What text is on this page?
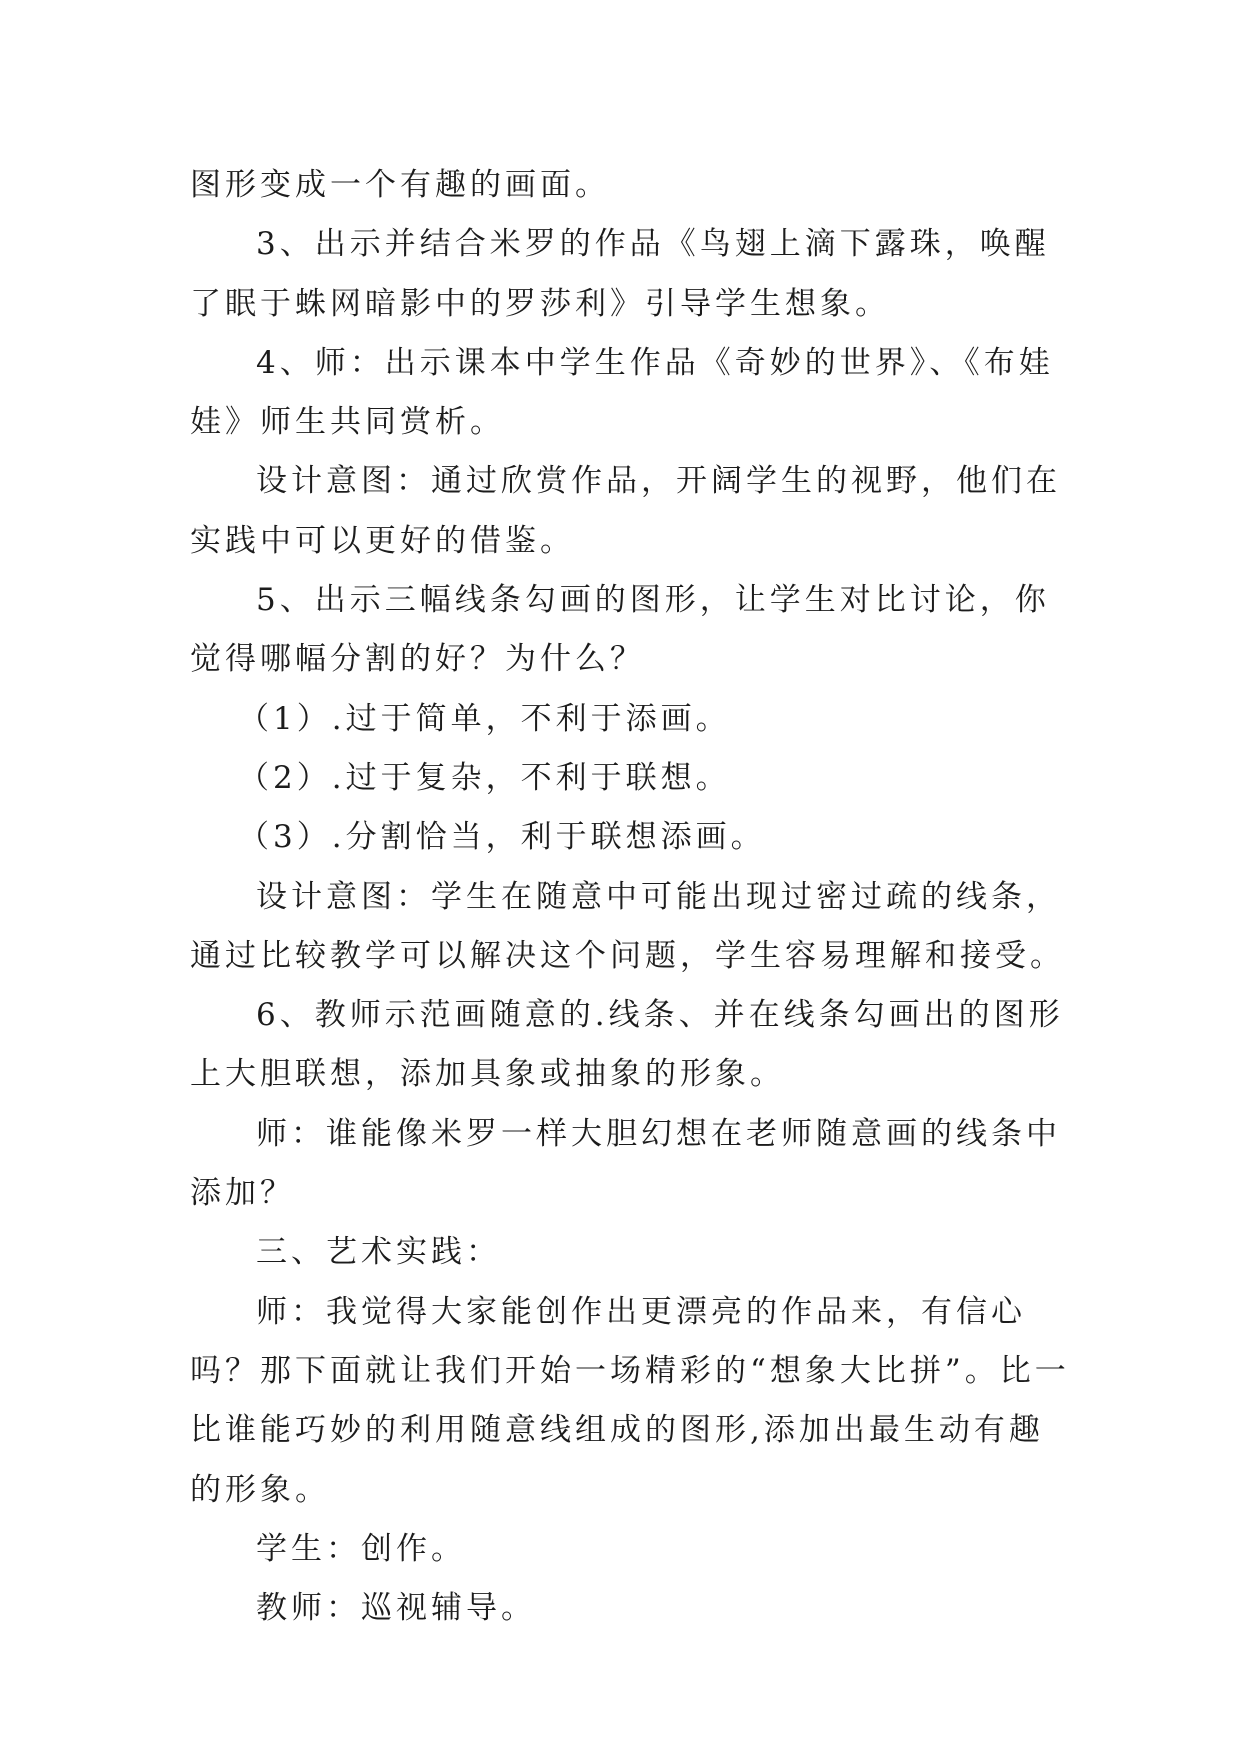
图形变成一个有趣的画面。

3、出示并结合米罗的作品《鸟翅上滴下露珠，唤醒了眠于蛛网暗影中的罗莎利》引导学生想象。

4、师：出示课本中学生作品《奇妙的世界》、《布娃娃》师生共同赏析。

设计意图：通过欣赏作品，开阔学生的视野，他们在实践中可以更好的借鉴。

5、出示三幅线条勾画的图形，让学生对比讨论，你觉得哪幅分割的好？为什么？

（1）.过于简单，不利于添画。

（2）.过于复杂，不利于联想。

（3）.分割恰当，利于联想添画。

设计意图：学生在随意中可能出现过密过疏的线条，通过比较教学可以解决这个问题，学生容易理解和接受。

6、教师示范画随意的.线条、并在线条勾画出的图形上大胆联想，添加具象或抽象的形象。

师：谁能像米罗一样大胆幻想在老师随意画的线条中添加？

三、艺术实践：

师：我觉得大家能创作出更漂亮的作品来，有信心吗？那下面就让我们开始一场精彩的“想象大比拼”。比一比谁能巧妙的利用随意线组成的图形,添加出最生动有趣的形象。

学生：创作。

教师：巡视辅导。
